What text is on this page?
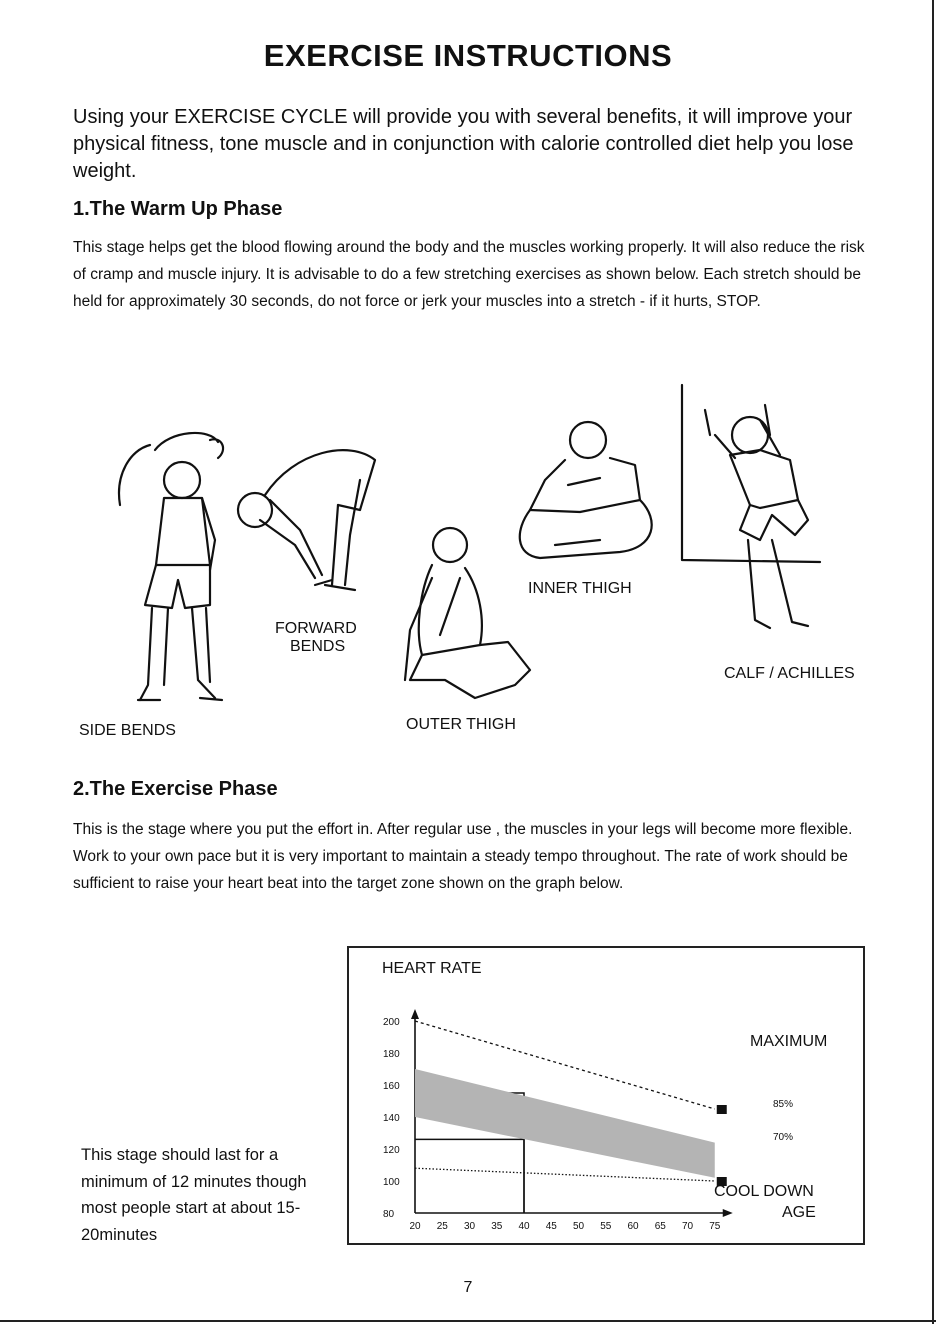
EXERCISE INSTRUCTIONS

Using your EXERCISE CYCLE will provide you with several benefits, it will improve your physical fitness, tone muscle and in conjunction with calorie controlled diet help you lose weight.

1.The Warm Up Phase

This stage helps get the blood flowing around the body and the muscles working properly. It will also reduce the risk of cramp and muscle injury. It is advisable to do a few stretching exercises as shown below. Each stretch should be held for approximately 30 seconds, do not force or jerk your muscles into a stretch - if it hurts, STOP.

SIDE BENDS
FORWARD
BENDS
OUTER THIGH
INNER THIGH
CALF / ACHILLES
2.The Exercise Phase

This is the stage where you put the effort in. After regular use , the muscles in your legs will become more flexible. Work to your own pace but it is very important to maintain a steady tempo throughout. The rate of work should be sufficient to raise your heart beat into the target zone shown on the graph below.

This stage should last for a minimum of 12 minutes though most people start at about 15-20minutes	75
70
65
60
55
50
45
40
35
30
25
20
80
100
120
140
160
180
200
HEART RATE
AGE
MAXIMUM
COOL DOWN
85%
70%
7
